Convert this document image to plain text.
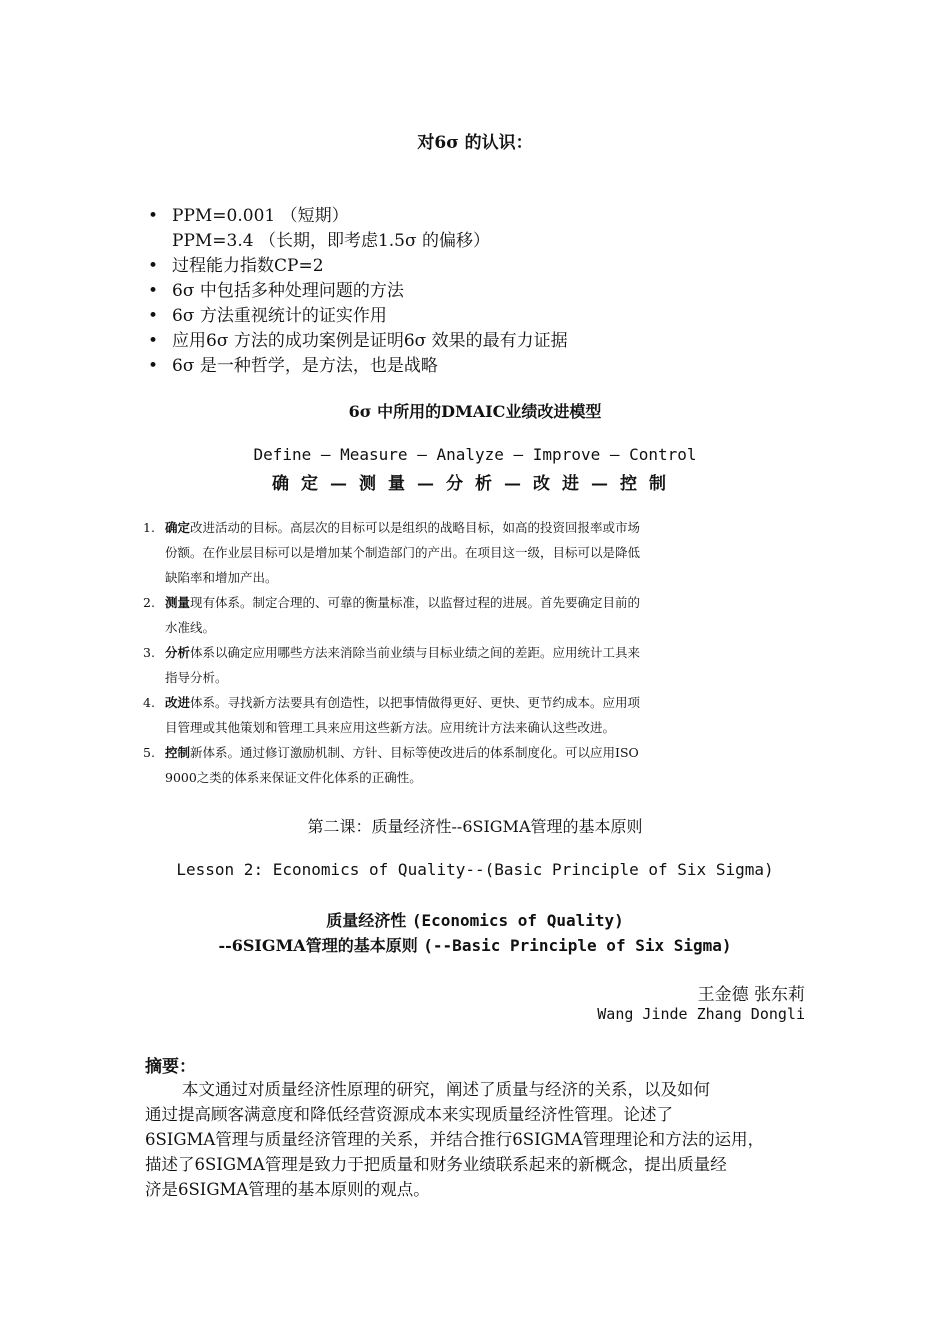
对6σ 的认识：
• PPM=0.001 （短期）
PPM=3.4 （长期，即考虑1.5σ 的偏移）
• 过程能力指数CP=2
• 6σ 中包括多种处理问题的方法
• 6σ 方法重视统计的证实作用
• 应用6σ 方法的成功案例是证明6σ 效果的最有力证据
• 6σ 是一种哲学，是方法，也是战略
6σ 中所用的DMAIC业绩改进模型
Define — Measure — Analyze — Improve — Control
确定—测量—分析—改进—控制
1. 确定改进活动的目标。高层次的目标可以是组织的战略目标，如高的投资回报率或市场
份额。在作业层目标可以是增加某个制造部门的产出。在项目这一级，目标可以是降低
缺陷率和增加产出。
2. 测量现有体系。制定合理的、可靠的衡量标准，以监督过程的进展。首先要确定目前的
水准线。
3. 分析体系以确定应用哪些方法来消除当前业绩与目标业绩之间的差距。应用统计工具来
指导分析。
4. 改进体系。寻找新方法要具有创造性，以把事情做得更好、更快、更节约成本。应用项
目管理或其他策划和管理工具来应用这些新方法。应用统计方法来确认这些改进。
5. 控制新体系。通过修订激励机制、方针、目标等使改进后的体系制度化。可以应用ISO
9000之类的体系来保证文件化体系的正确性。
第二课：质量经济性--6SIGMA管理的基本原则
Lesson 2: Economics of Quality--(Basic Principle of Six Sigma)
质量经济性 (Economics of Quality)
--6SIGMA管理的基本原则 (--Basic Principle of Six Sigma)
王金德 张东莉
Wang Jinde Zhang Dongli
摘要：
本文通过对质量经济性原理的研究，阐述了质量与经济的关系，以及如何
通过提高顾客满意度和降低经营资源成本来实现质量经济性管理。论述了
6SIGMA管理与质量经济管理的关系，并结合推行6SIGMA管理理论和方法的运用，
描述了6SIGMA管理是致力于把质量和财务业绩联系起来的新概念，提出质量经
济是6SIGMA管理的基本原则的观点。
